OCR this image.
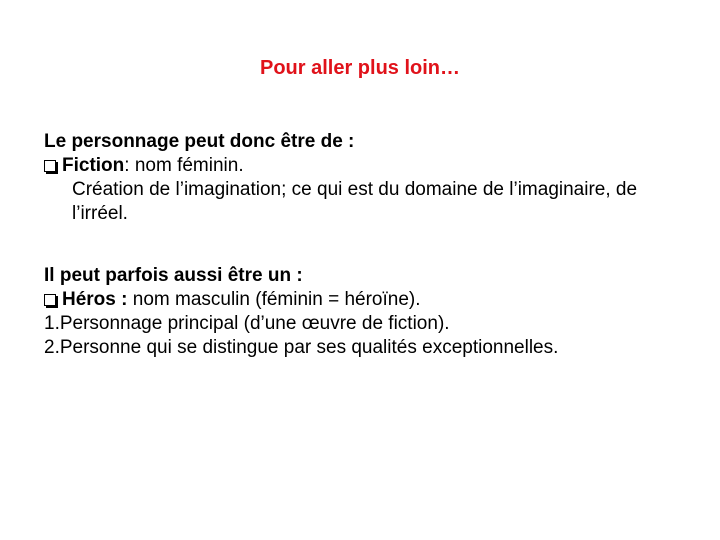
Pour aller plus loin…
Le personnage peut donc être de :
Fiction: nom féminin.
Création de l’imagination; ce qui est du domaine de l’imaginaire, de l’irréel.
Il peut parfois aussi être un :
Héros : nom masculin (féminin = héroïne).
1.Personnage principal (d’une œuvre de fiction).
2.Personne qui se distingue par ses qualités exceptionnelles.
